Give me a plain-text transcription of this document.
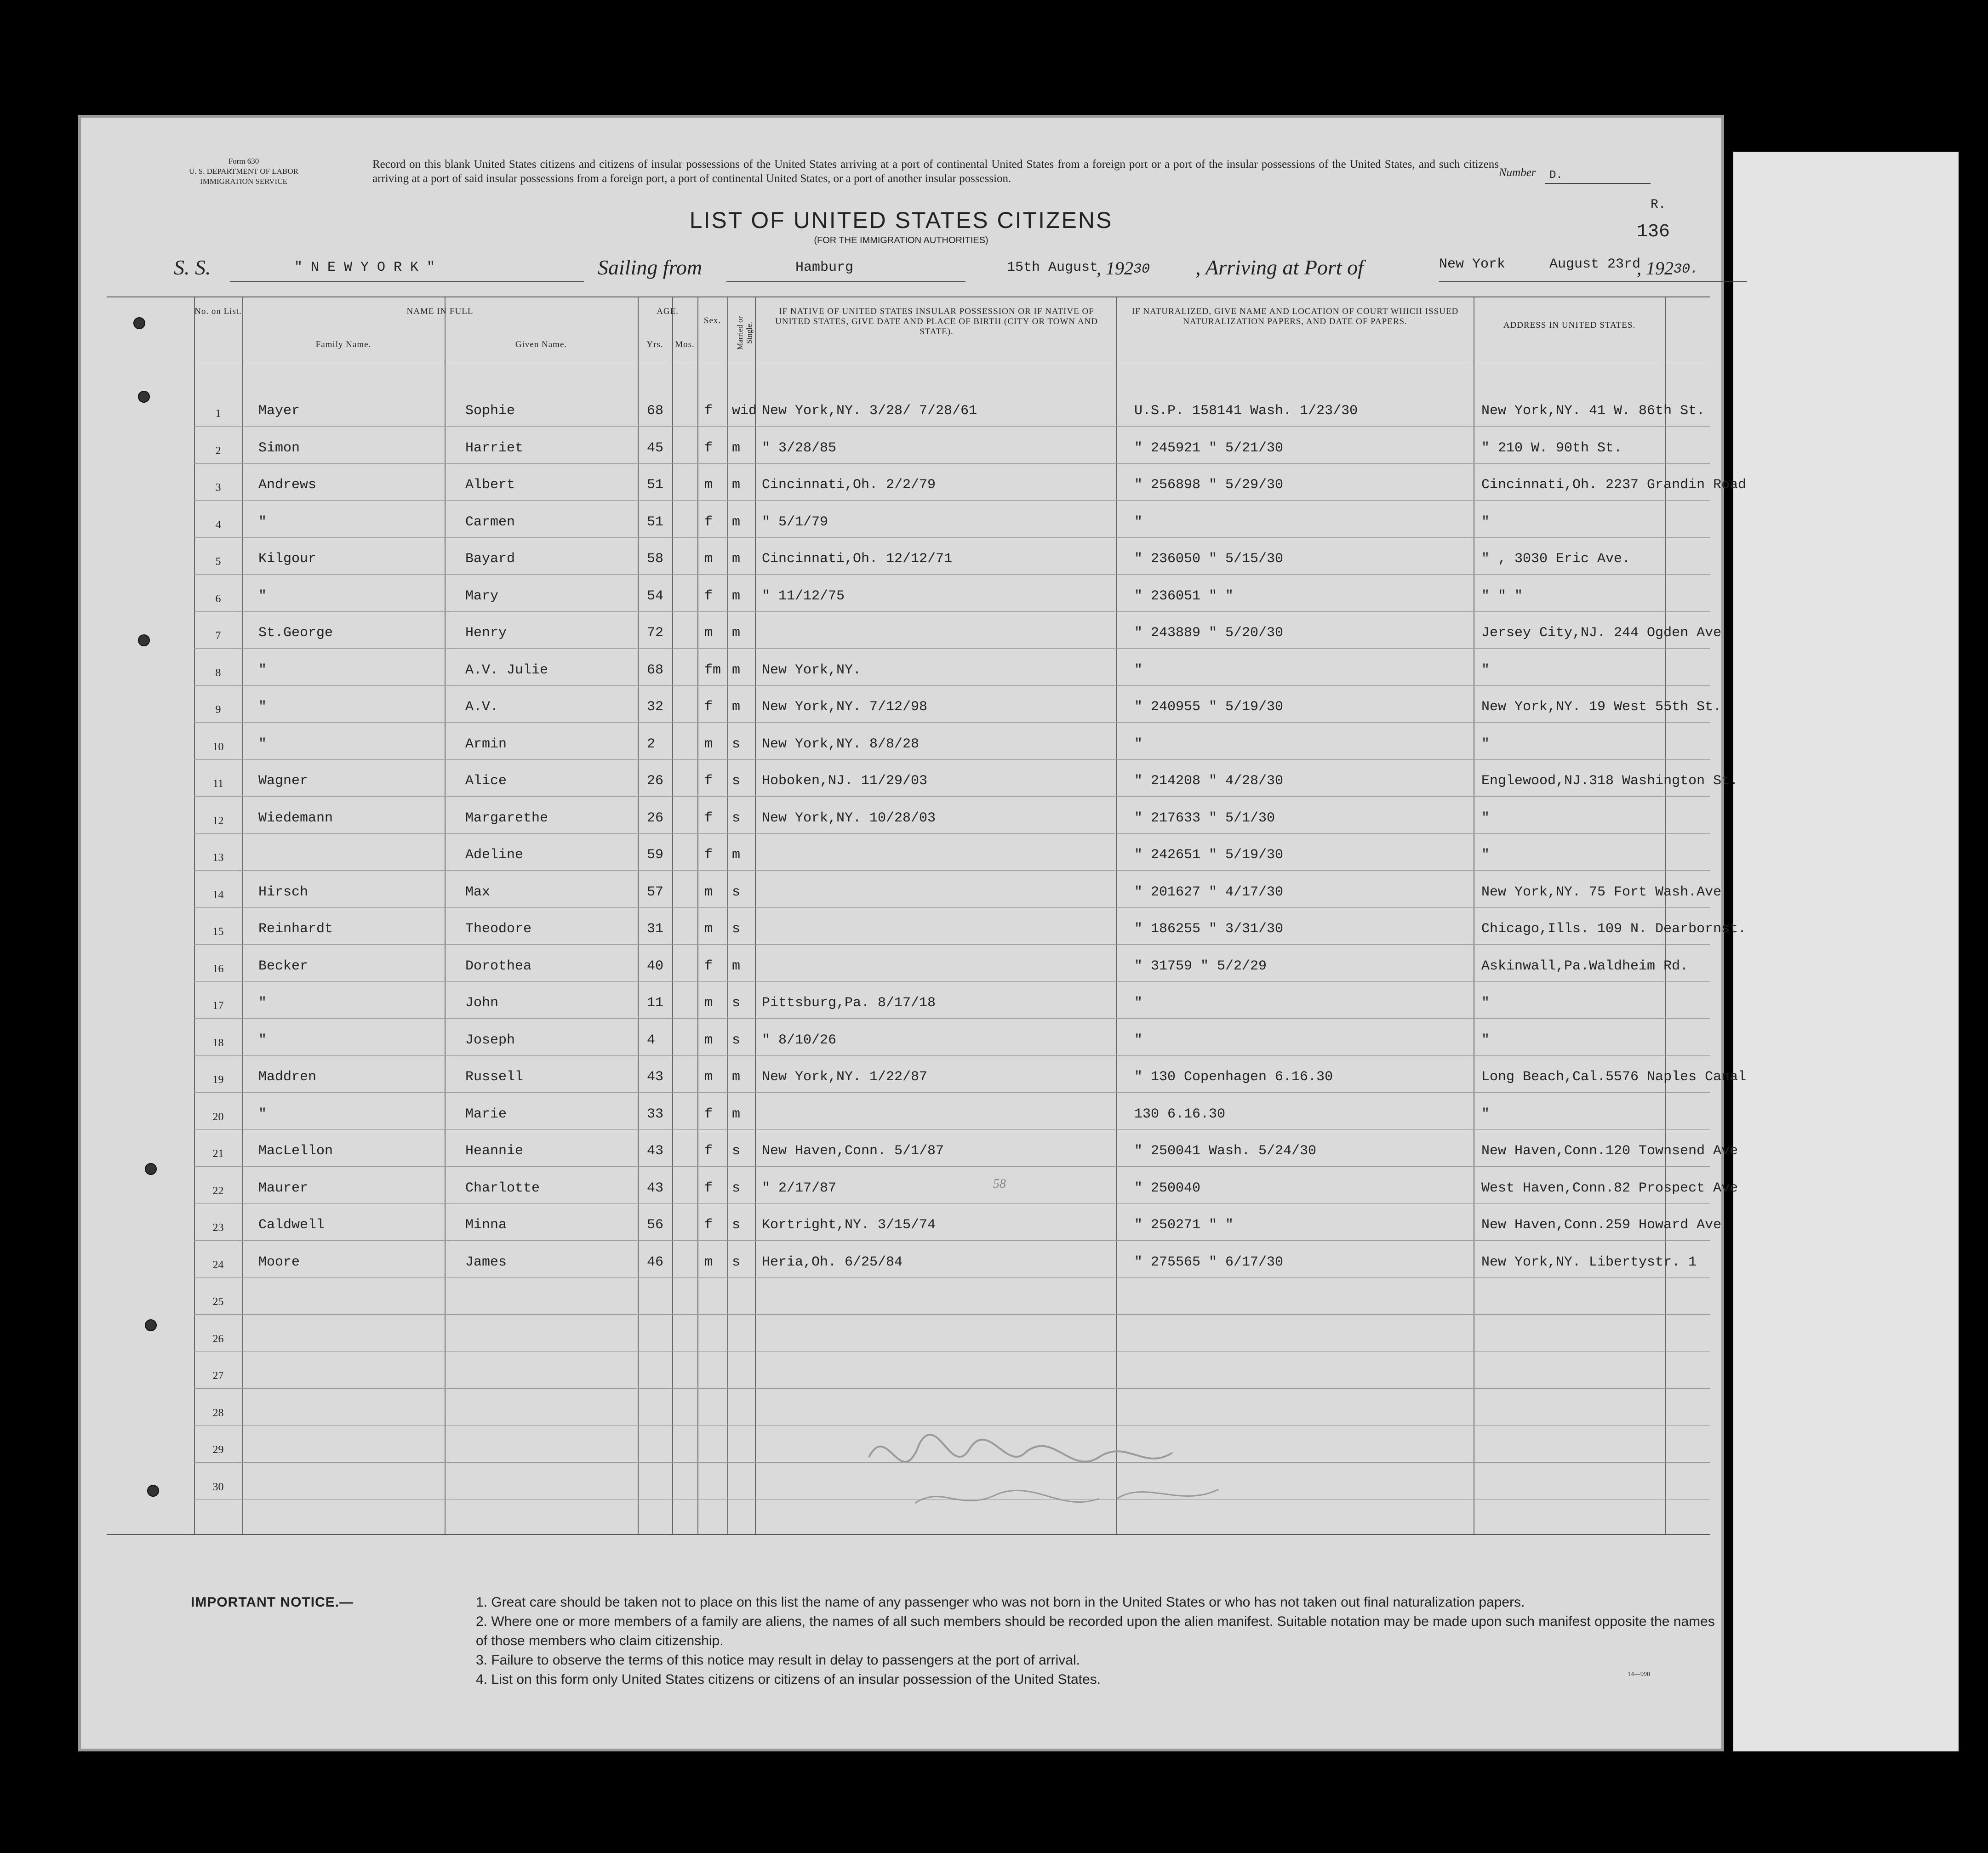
Form 630
U. S. DEPARTMENT OF LABOR
IMMIGRATION SERVICE
Record on this blank United States citizens and citizens of insular possessions of the United States arriving at a port of continental United States from a foreign port or a port of the insular possessions of the United States, and such citizens arriving at a port of said insular possessions from a foreign port, a port of continental United States, or a port of another insular possession.	Number D.
R.
136
LIST OF UNITED STATES CITIZENS
(FOR THE IMMIGRATION AUTHORITIES)
S. S.	" N E W Y O R K "	Sailing from	Hamburg	15th August
, 19230 , Arriving at Port of	New York	August 23rd
, 19230.
No. on List.	NAME IN FULL
Family Name.	Given Name.
AGE.
Yrs.	Mos.
Sex.	Married or Single.
IF NATIVE OF UNITED STATES INSULAR POSSESSION OR IF NATIVE OF UNITED STATES, GIVE DATE AND PLACE OF BIRTH (CITY OR TOWN AND STATE).
IF NATURALIZED, GIVE NAME AND LOCATION OF COURT WHICH ISSUED NATURALIZATION PAPERS, AND DATE OF PAPERS.	ADDRESS IN UNITED STATES.
1	Mayer	Sophie	68	f wid New York,NY. 3/28/ 7/28/61	U.S.P. 158141 Wash. 1/23/30	New York,NY. 41 W. 86th St.
2	Simon	Harriet	45	f m " 3/28/85	" 245921 " 5/21/30	" 210 W. 90th St.
3	Andrews	Albert	51	m m Cincinnati,Oh. 2/2/79	" 256898 " 5/29/30	Cincinnati,Oh. 2237 Grandin Road
4	"	Carmen	51	f m " 5/1/79	"	"
5	Kilgour	Bayard	58	m m Cincinnati,Oh. 12/12/71	" 236050 " 5/15/30	" , 3030 Eric Ave.
6	"	Mary	54	f m " 11/12/75	" 236051 " "	" " "
7	St.George	Henry	72	m m	" 243889 " 5/20/30	Jersey City,NJ. 244 Ogden Ave
8	"	A.V. Julie	68	fm m New York,NY.	"	"
9	"	A.V.	32	f m New York,NY. 7/12/98	" 240955 " 5/19/30	New York,NY. 19 West 55th St.
10	"	Armin	2	m s New York,NY. 8/8/28	"	"
11	Wagner	Alice	26	f s Hoboken,NJ. 11/29/03	" 214208 " 4/28/30	Englewood,NJ.318 Washington St.
12	Wiedemann	Margarethe	26	f s New York,NY. 10/28/03	" 217633 " 5/1/30	"
13	Adeline	59	f m	" 242651 " 5/19/30	"
14	Hirsch	Max	57	m s	" 201627 " 4/17/30	New York,NY. 75 Fort Wash.Ave
15	Reinhardt	Theodore	31	m s	" 186255 " 3/31/30	Chicago,Ills. 109 N. Dearbornst.
16	Becker	Dorothea	40	f m	" 31759 " 5/2/29	Askinwall,Pa.Waldheim Rd.
17	"	John	11	m s Pittsburg,Pa. 8/17/18	"	"
18	"	Joseph	4	m s " 8/10/26	"	"
19	Maddren	Russell	43	m m New York,NY. 1/22/87	" 130 Copenhagen 6.16.30	Long Beach,Cal.5576 Naples Canal
20	"	Marie	33	f m	130 6.16.30	"
21	MacLellon	Heannie	43	f s New Haven,Conn. 5/1/87	" 250041 Wash. 5/24/30	New Haven,Conn.120 Townsend Ave
22	Maurer	Charlotte	43	f s " 2/17/87	" 250040	West Haven,Conn.82 Prospect Ave
23	Caldwell	Minna	56	f s Kortright,NY. 3/15/74	" 250271 " "	New Haven,Conn.259 Howard Ave
24	Moore	James	46	m s Heria,Oh. 6/25/84	" 275565 " 6/17/30	New York,NY. Libertystr. 1
25
26
27
28
29
30
58
IMPORTANT NOTICE.—	1. Great care should be taken not to place on this list the name of any passenger who was not born in the United States or who has not taken out final naturalization papers.
2. Where one or more members of a family are aliens, the names of all such members should be recorded upon the alien manifest. Suitable notation may be made upon such manifest opposite the names of those members who claim citizenship.
3. Failure to observe the terms of this notice may result in delay to passengers at the port of arrival.
4. List on this form only United States citizens or citizens of an insular possession of the United States.	14—990
